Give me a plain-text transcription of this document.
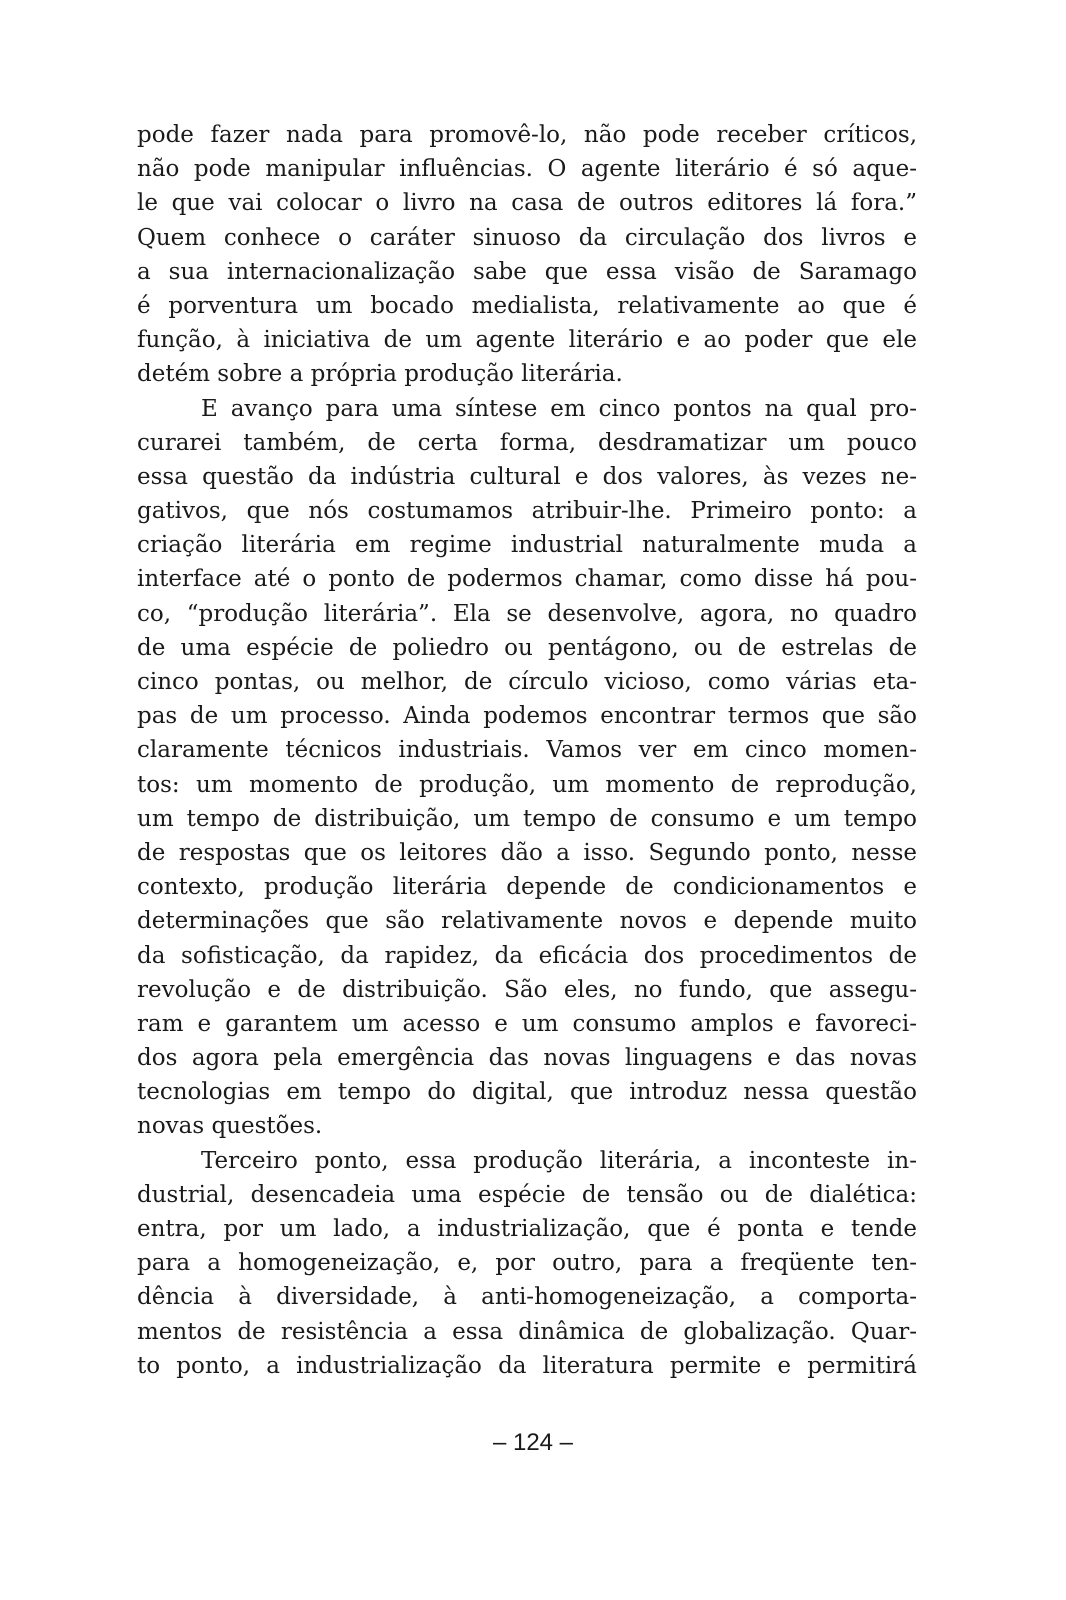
pode fazer nada para promovê-lo, não pode receber críticos,
não pode manipular influências. O agente literário é só aque-
le que vai colocar o livro na casa de outros editores lá fora.”
Quem conhece o caráter sinuoso da circulação dos livros e
a sua internacionalização sabe que essa visão de Saramago
é porventura um bocado medialista, relativamente ao que é
função, à iniciativa de um agente literário e ao poder que ele
detém sobre a própria produção literária.
E avanço para uma síntese em cinco pontos na qual pro-
curarei também, de certa forma, desdramatizar um pouco
essa questão da indústria cultural e dos valores, às vezes ne-
gativos, que nós costumamos atribuir-lhe. Primeiro ponto: a
criação literária em regime industrial naturalmente muda a
interface até o ponto de podermos chamar, como disse há pou-
co, “produção literária”. Ela se desenvolve, agora, no quadro
de uma espécie de poliedro ou pentágono, ou de estrelas de
cinco pontas, ou melhor, de círculo vicioso, como várias eta-
pas de um processo. Ainda podemos encontrar termos que são
claramente técnicos industriais. Vamos ver em cinco momen-
tos: um momento de produção, um momento de reprodução,
um tempo de distribuição, um tempo de consumo e um tempo
de respostas que os leitores dão a isso. Segundo ponto, nesse
contexto, produção literária depende de condicionamentos e
determinações que são relativamente novos e depende muito
da sofisticação, da rapidez, da eficácia dos procedimentos de
revolução e de distribuição. São eles, no fundo, que assegu-
ram e garantem um acesso e um consumo amplos e favoreci-
dos agora pela emergência das novas linguagens e das novas
tecnologias em tempo do digital, que introduz nessa questão
novas questões.
Terceiro ponto, essa produção literária, a inconteste in-
dustrial, desencadeia uma espécie de tensão ou de dialética:
entra, por um lado, a industrialização, que é ponta e tende
para a homogeneização, e, por outro, para a freqüente ten-
dência à diversidade, à anti-homogeneização, a comporta-
mentos de resistência a essa dinâmica de globalização. Quar-
to ponto, a industrialização da literatura permite e permitirá
– 124 –
